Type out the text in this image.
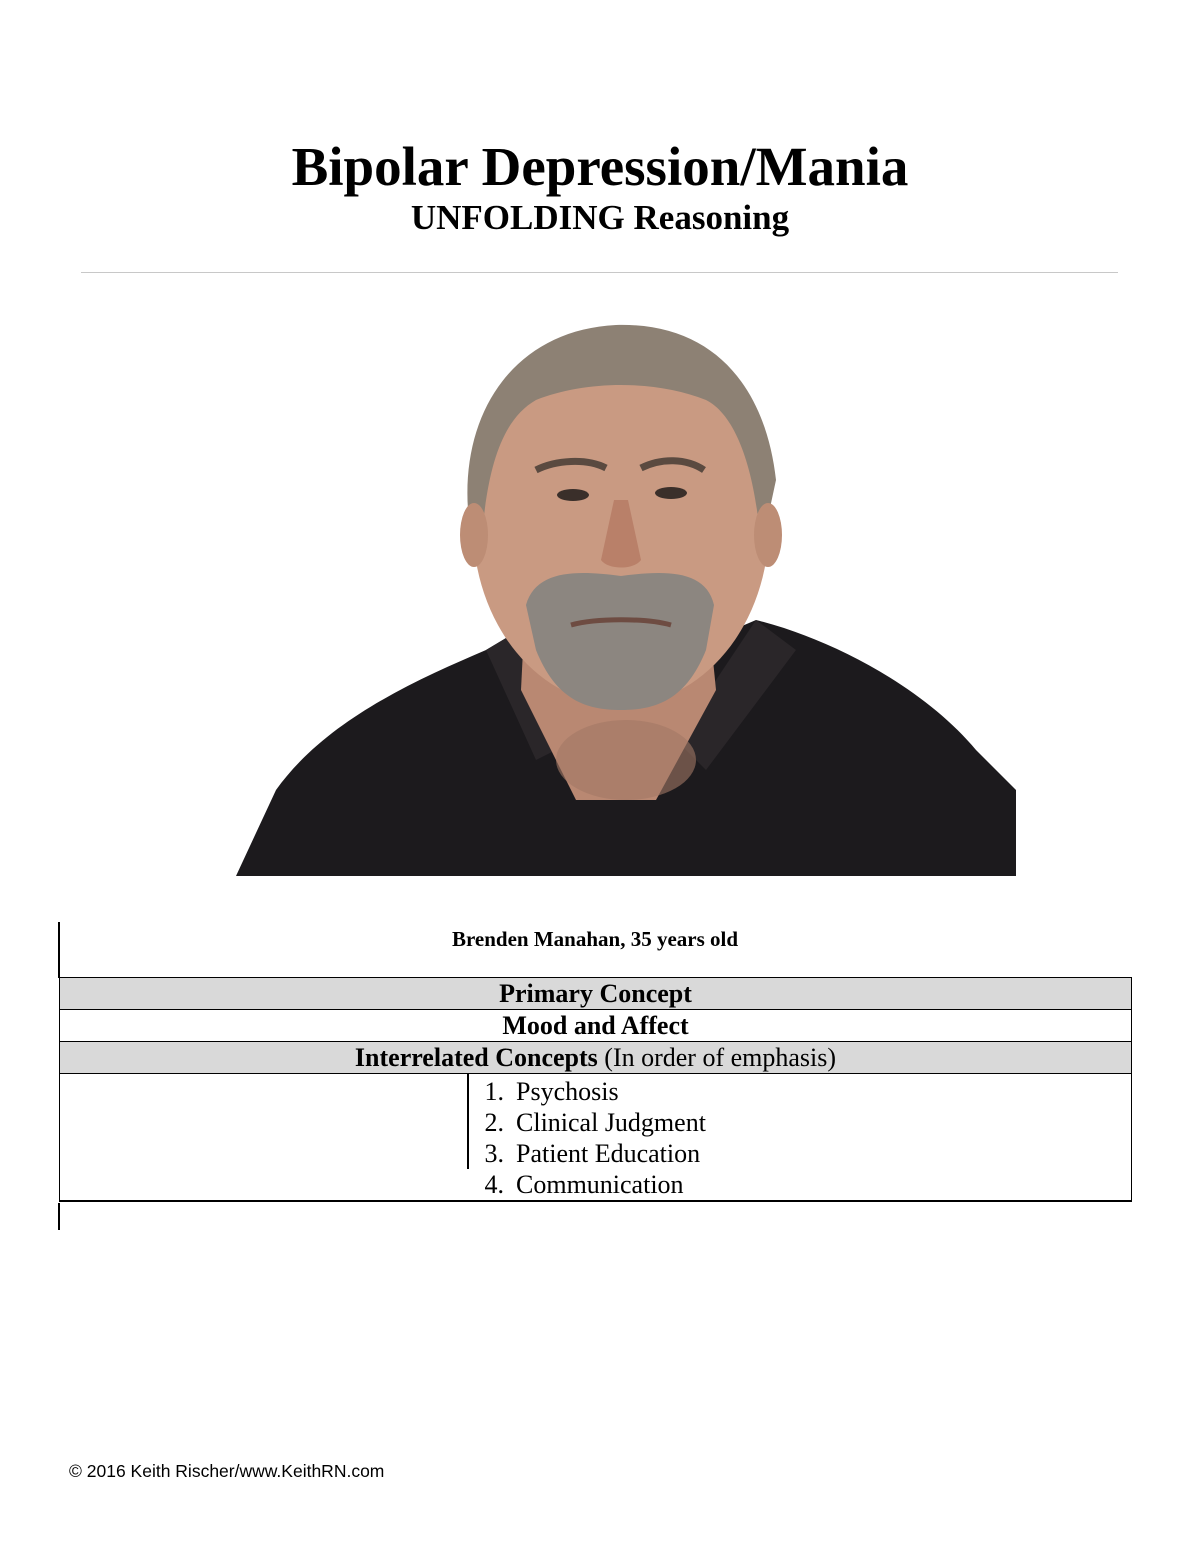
Bipolar Depression/Mania
UNFOLDING Reasoning
Brenden Manahan, 35 years old
Primary Concept
Mood and Affect
Interrelated Concepts (In order of emphasis)

1. Psychosis
2. Clinical Judgment
3. Patient Education
4. Communication
© 2016 Keith Rischer/www.KeithRN.com
